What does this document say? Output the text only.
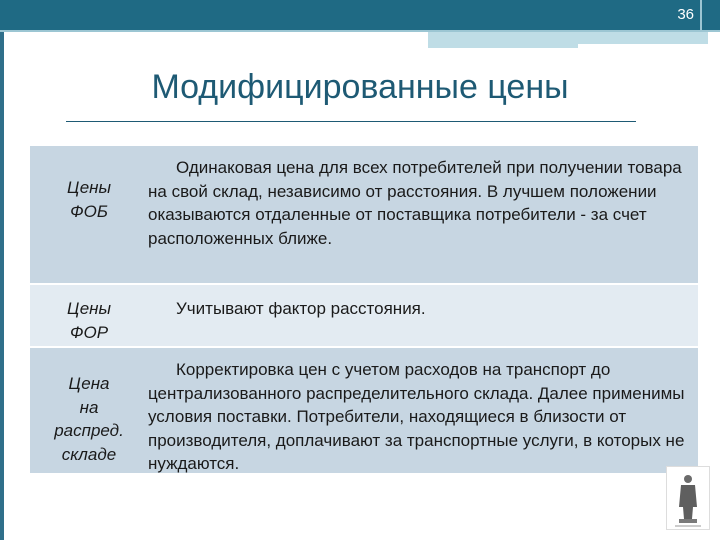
36
Модифицированные цены
Цены
ФОБ
Одинаковая цена для всех потребителей при получении товара на свой склад, независимо от расстояния. В лучшем положении оказываются отдаленные от поставщика потребители - за счет расположенных ближе.
Цены
ФОР
Учитывают фактор расстояния.
Цена
на
распред.
складе
Корректировка цен с учетом расходов на транспорт до централизованного распределительного склада. Далее применимы условия поставки. Потребители, находящиеся в близости от производителя, доплачивают за транспортные услуги, в которых не нуждаются.
